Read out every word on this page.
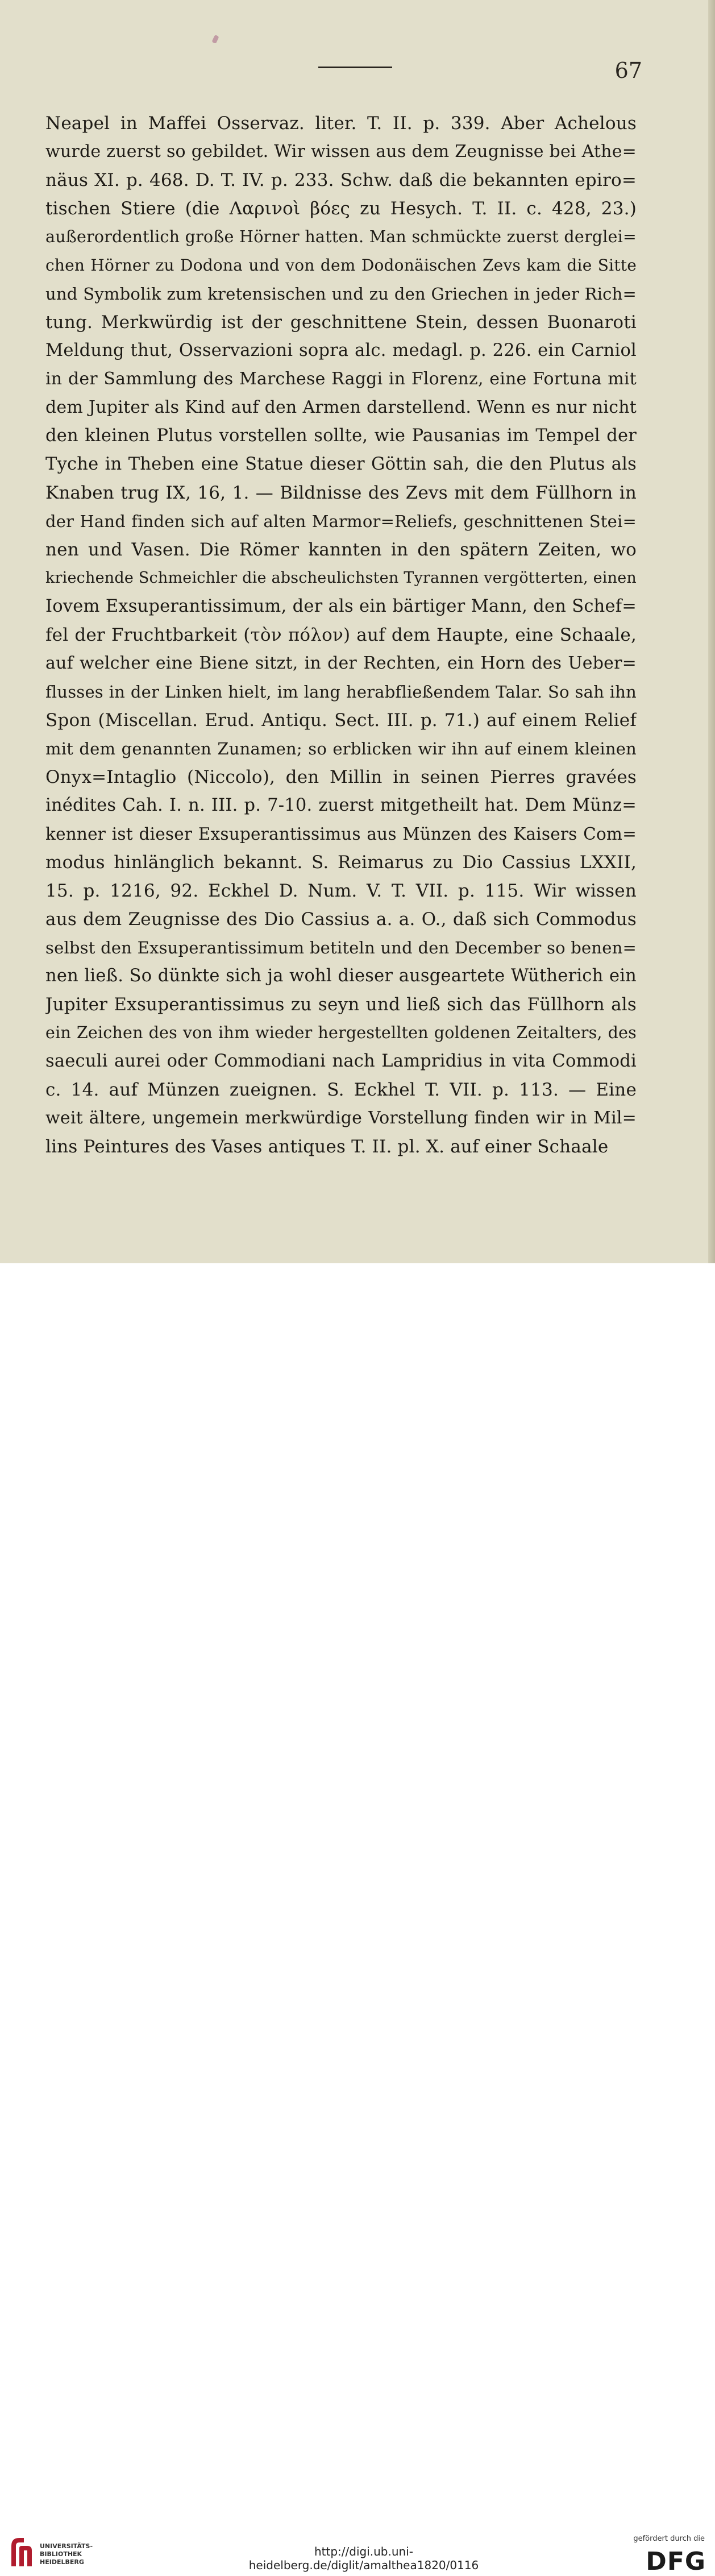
67
Neapel in Maffei Osservaz. liter. T. II. p. 339. Aber Achelous
wurde zuerst so gebildet. Wir wissen aus dem Zeugnisse bei Athe=
näus XI. p. 468. D. T. IV. p. 233. Schw. daß die bekannten epiro=
tischen Stiere (die Λαρινοὶ βόες zu Hesych. T. II. c. 428, 23.)
außerordentlich große Hörner hatten. Man schmückte zuerst derglei=
chen Hörner zu Dodona und von dem Dodonäischen Zevs kam die Sitte
und Symbolik zum kretensischen und zu den Griechen in jeder Rich=
tung. Merkwürdig ist der geschnittene Stein, dessen Buonaroti
Meldung thut, Osservazioni sopra alc. medagl. p. 226. ein Carniol
in der Sammlung des Marchese Raggi in Florenz, eine Fortuna mit
dem Jupiter als Kind auf den Armen darstellend. Wenn es nur nicht
den kleinen Plutus vorstellen sollte, wie Pausanias im Tempel der
Tyche in Theben eine Statue dieser Göttin sah, die den Plutus als
Knaben trug IX, 16, 1. — Bildnisse des Zevs mit dem Füllhorn in
der Hand finden sich auf alten Marmor=Reliefs, geschnittenen Stei=
nen und Vasen. Die Römer kannten in den spätern Zeiten, wo
kriechende Schmeichler die abscheulichsten Tyrannen vergötterten, einen
Iovem Exsuperantissimum, der als ein bärtiger Mann, den Schef=
fel der Fruchtbarkeit (τὸν πόλον) auf dem Haupte, eine Schaale,
auf welcher eine Biene sitzt, in der Rechten, ein Horn des Ueber=
flusses in der Linken hielt, im lang herabfließendem Talar. So sah ihn
Spon (Miscellan. Erud. Antiqu. Sect. III. p. 71.) auf einem Relief
mit dem genannten Zunamen; so erblicken wir ihn auf einem kleinen
Onyx=Intaglio (Niccolo), den Millin in seinen Pierres gravées
inédites Cah. I. n. III. p. 7-10. zuerst mitgetheilt hat. Dem Münz=
kenner ist dieser Exsuperantissimus aus Münzen des Kaisers Com=
modus hinlänglich bekannt. S. Reimarus zu Dio Cassius LXXII,
15. p. 1216, 92. Eckhel D. Num. V. T. VII. p. 115. Wir wissen
aus dem Zeugnisse des Dio Cassius a. a. O., daß sich Commodus
selbst den Exsuperantissimum betiteln und den December so benen=
nen ließ. So dünkte sich ja wohl dieser ausgeartete Wütherich ein
Jupiter Exsuperantissimus zu seyn und ließ sich das Füllhorn als
ein Zeichen des von ihm wieder hergestellten goldenen Zeitalters, des
saeculi aurei oder Commodiani nach Lampridius in vita Commodi
c. 14. auf Münzen zueignen. S. Eckhel T. VII. p. 113. — Eine
weit ältere, ungemein merkwürdige Vorstellung finden wir in Mil=
lins Peintures des Vases antiques T. II. pl. X. auf einer Schaale
UNIVERSITÄTS-
BIBLIOTHEK
HEIDELBERG
http://digi.ub.uni-heidelberg.de/diglit/amalthea1820/0116
gefördert durch die
DFG
